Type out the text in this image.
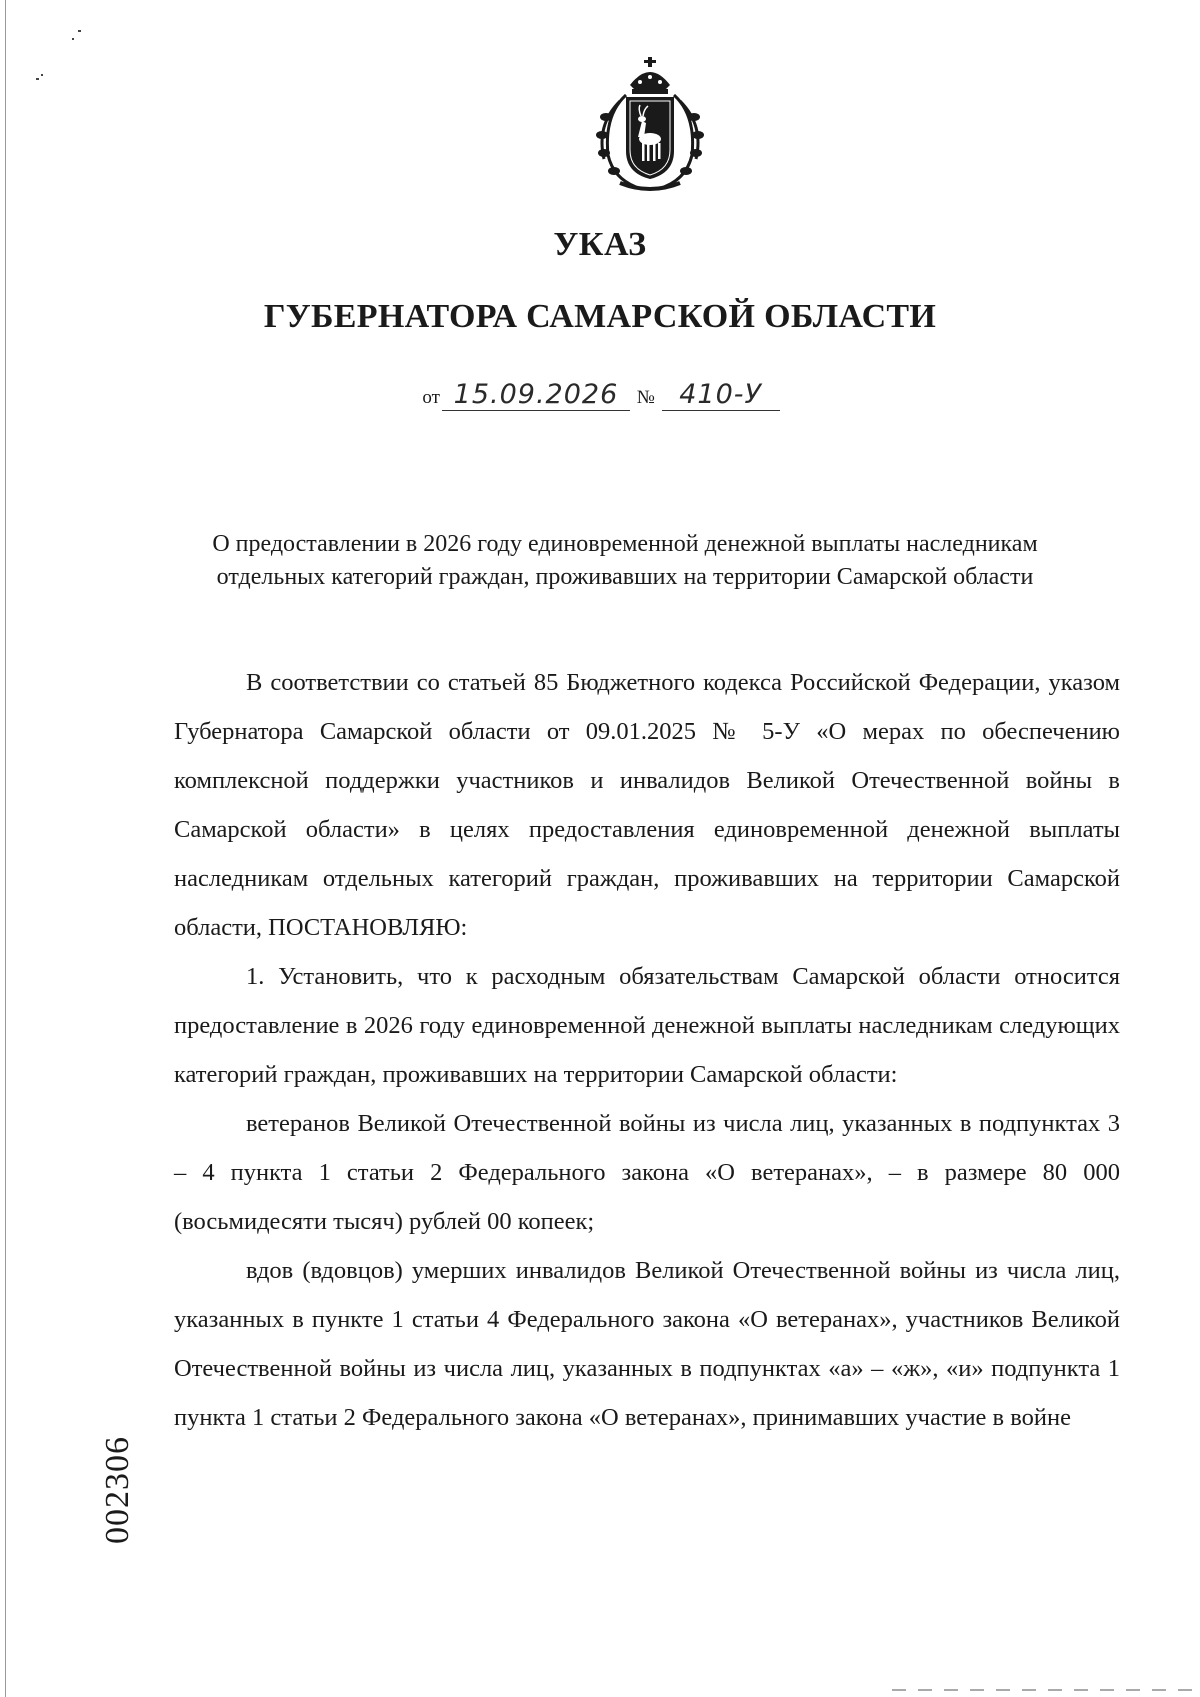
УКАЗ
ГУБЕРНАТОРА САМАРСКОЙ ОБЛАСТИ
от 15.09.2026 № 410-У
О предоставлении в 2026 году единовременной денежной выплаты наследникам отдельных категорий граждан, проживавших на территории Самарской области

В соответствии со статьей 85 Бюджетного кодекса Российской Федерации, указом Губернатора Самарской области от 09.01.2025 № 5-У «О мерах по обеспечению комплексной поддержки участников и инвалидов Великой Отечественной войны в Самарской области» в целях предоставления единовременной денежной выплаты наследникам отдельных категорий граждан, проживавших на территории Самарской области, ПОСТАНОВЛЯЮ:

1. Установить, что к расходным обязательствам Самарской области относится предоставление в 2026 году единовременной денежной выплаты наследникам следующих категорий граждан, проживавших на территории Самарской области:

ветеранов Великой Отечественной войны из числа лиц, указанных в подпунктах 3 – 4 пункта 1 статьи 2 Федерального закона «О ветеранах», – в размере 80 000 (восьмидесяти тысяч) рублей 00 копеек;

вдов (вдовцов) умерших инвалидов Великой Отечественной войны из числа лиц, указанных в пункте 1 статьи 4 Федерального закона «О ветеранах», участников Великой Отечественной войны из числа лиц, указанных в подпунктах «а» – «ж», «и» подпункта 1 пункта 1 статьи 2 Федерального закона «О ветеранах», принимавших участие в войне

002306
